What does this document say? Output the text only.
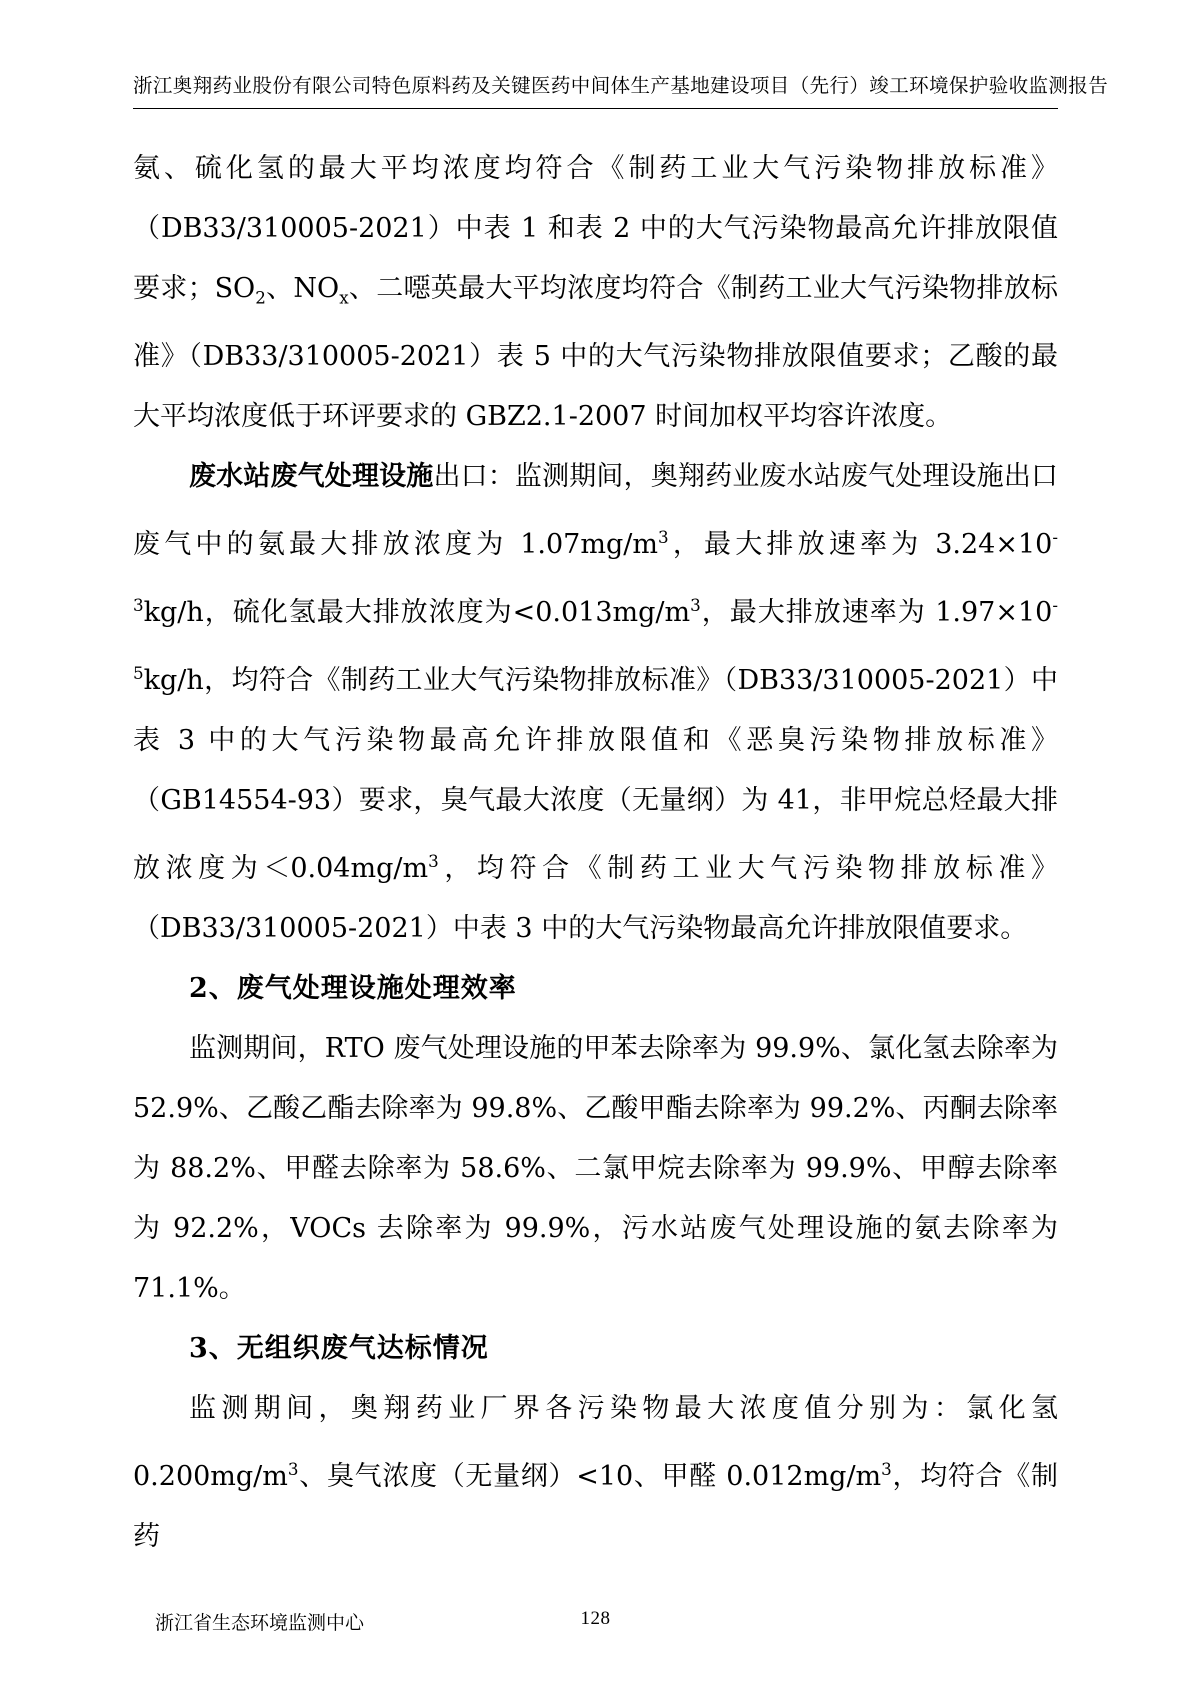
浙江奥翔药业股份有限公司特色原料药及关键医药中间体生产基地建设项目（先行）竣工环境保护验收监测报告

氨、硫化氢的最大平均浓度均符合《制药工业大气污染物排放标准》（DB33/310005-2021）中表 1 和表 2 中的大气污染物最高允许排放限值要求；$SO_2$、$NO_x$、二噁英最大平均浓度均符合《制药工业大气污染物排放标准》（DB33/310005-2021）表 5 中的大气污染物排放限值要求；乙酸的最大平均浓度低于环评要求的 GBZ2.1-2007 时间加权平均容许浓度。

废水站废气处理设施出口：监测期间，奥翔药业废水站废气处理设施出口废气中的氨最大排放浓度为 $1.07mg/m^3$，最大排放速率为 $3.24\times 10^{-3}kg/h$，硫化氢最大排放浓度为$<0.013mg/m^3$，最大排放速率为 $1.97\times 10^{-5}kg/h$，均符合《制药工业大气污染物排放标准》（DB33/310005-2021）中表 3 中的大气污染物最高允许排放限值和《恶臭污染物排放标准》（GB14554-93）要求，臭气最大浓度（无量纲）为 41，非甲烷总烃最大排放浓度为$<0.04mg/m^3$，均符合《制药工业大气污染物排放标准》（DB33/310005-2021）中表 3 中的大气污染物最高允许排放限值要求。

2、废气处理设施处理效率

监测期间，RTO 废气处理设施的甲苯去除率为 99.9%、氯化氢去除率为 52.9%、乙酸乙酯去除率为 99.8%、乙酸甲酯去除率为 99.2%、丙酮去除率为 88.2%、甲醛去除率为 58.6%、二氯甲烷去除率为 99.9%、甲醇去除率为 92.2%，VOCs 去除率为 99.9%，污水站废气处理设施的氨去除率为 71.1%。

3、无组织废气达标情况

监测期间，奥翔药业厂界各污染物最大浓度值分别为：氯化氢 $0.200mg/m^3$、臭气浓度（无量纲）<10、甲醛 $0.012mg/m^3$，均符合《制药

浙江省生态环境监测中心	128
